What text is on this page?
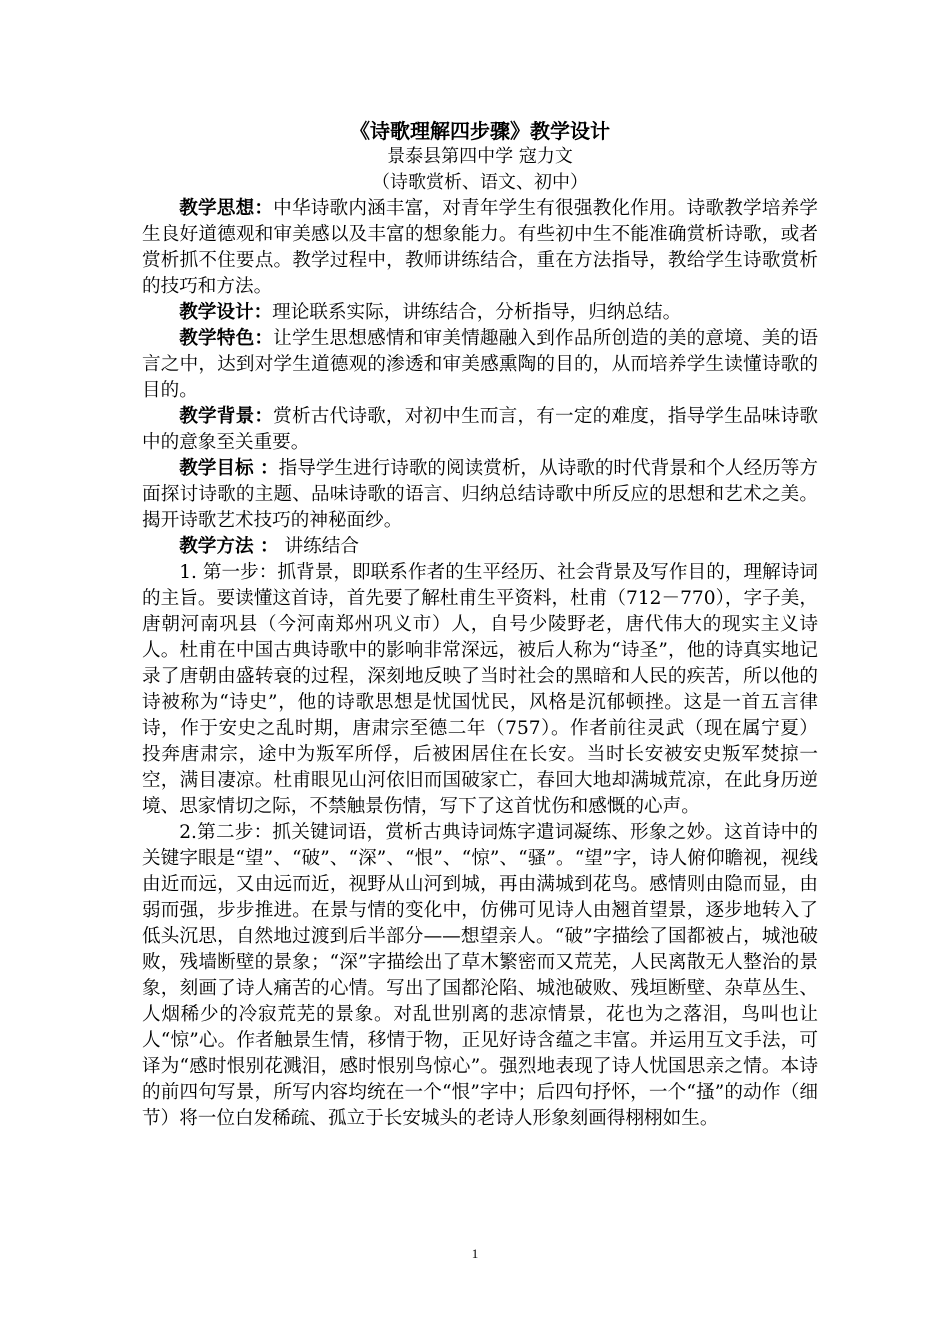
《诗歌理解四步骤》教学设计

景泰县第四中学 寇力文

（诗歌赏析、语文、初中）

教学思想：中华诗歌内涵丰富，对青年学生有很强教化作用。诗歌教学培养学生良好道德观和审美感以及丰富的想象能力。有些初中生不能准确赏析诗歌，或者赏析抓不住要点。教学过程中，教师讲练结合，重在方法指导，教给学生诗歌赏析的技巧和方法。

教学设计：理论联系实际，讲练结合，分析指导，归纳总结。

教学特色：让学生思想感情和审美情趣融入到作品所创造的美的意境、美的语言之中，达到对学生道德观的渗透和审美感熏陶的目的，从而培养学生读懂诗歌的目的。

教学背景：赏析古代诗歌，对初中生而言，有一定的难度，指导学生品味诗歌中的意象至关重要。

教学目标 ：指导学生进行诗歌的阅读赏析，从诗歌的时代背景和个人经历等方面探讨诗歌的主题、品味诗歌的语言、归纳总结诗歌中所反应的思想和艺术之美。揭开诗歌艺术技巧的神秘面纱。

教学方法 ： 讲练结合

1. 第一步：抓背景，即联系作者的生平经历、社会背景及写作目的，理解诗词的主旨。要读懂这首诗，首先要了解杜甫生平资料，杜甫（712－770），字子美，唐朝河南巩县（今河南郑州巩义市）人，自号少陵野老，唐代伟大的现实主义诗人。杜甫在中国古典诗歌中的影响非常深远，被后人称为“诗圣”，他的诗真实地记录了唐朝由盛转衰的过程，深刻地反映了当时社会的黑暗和人民的疾苦，所以他的诗被称为“诗史”，他的诗歌思想是忧国忧民，风格是沉郁顿挫。这是一首五言律诗，作于安史之乱时期，唐肃宗至德二年（757）。作者前往灵武（现在属宁夏）投奔唐肃宗，途中为叛军所俘，后被困居住在长安。当时长安被安史叛军焚掠一空，满目凄凉。杜甫眼见山河依旧而国破家亡，春回大地却满城荒凉，在此身历逆境、思家情切之际，不禁触景伤情，写下了这首忧伤和感慨的心声。

2.第二步：抓关键词语，赏析古典诗词炼字遣词凝练、形象之妙。这首诗中的关键字眼是“望”、“破”、“深”、“恨”、“惊”、“骚”。“望”字，诗人俯仰瞻视，视线由近而远，又由远而近，视野从山河到城，再由满城到花鸟。感情则由隐而显，由弱而强，步步推进。在景与情的变化中，仿佛可见诗人由翘首望景，逐步地转入了低头沉思，自然地过渡到后半部分——想望亲人。“破”字描绘了国都被占，城池破败，残墙断壁的景象；“深”字描绘出了草木繁密而又荒芜，人民离散无人整治的景象，刻画了诗人痛苦的心情。写出了国都沦陷、城池破败、残垣断壁、杂草丛生、人烟稀少的冷寂荒芜的景象。对乱世别离的悲凉情景，花也为之落泪，鸟叫也让人“惊”心。作者触景生情，移情于物，正见好诗含蕴之丰富。并运用互文手法，可译为“感时恨别花溅泪，感时恨别鸟惊心”。强烈地表现了诗人忧国思亲之情。本诗的前四句写景，所写内容均统在一个“恨”字中；后四句抒怀，一个“搔”的动作（细节）将一位白发稀疏、孤立于长安城头的老诗人形象刻画得栩栩如生。

1
